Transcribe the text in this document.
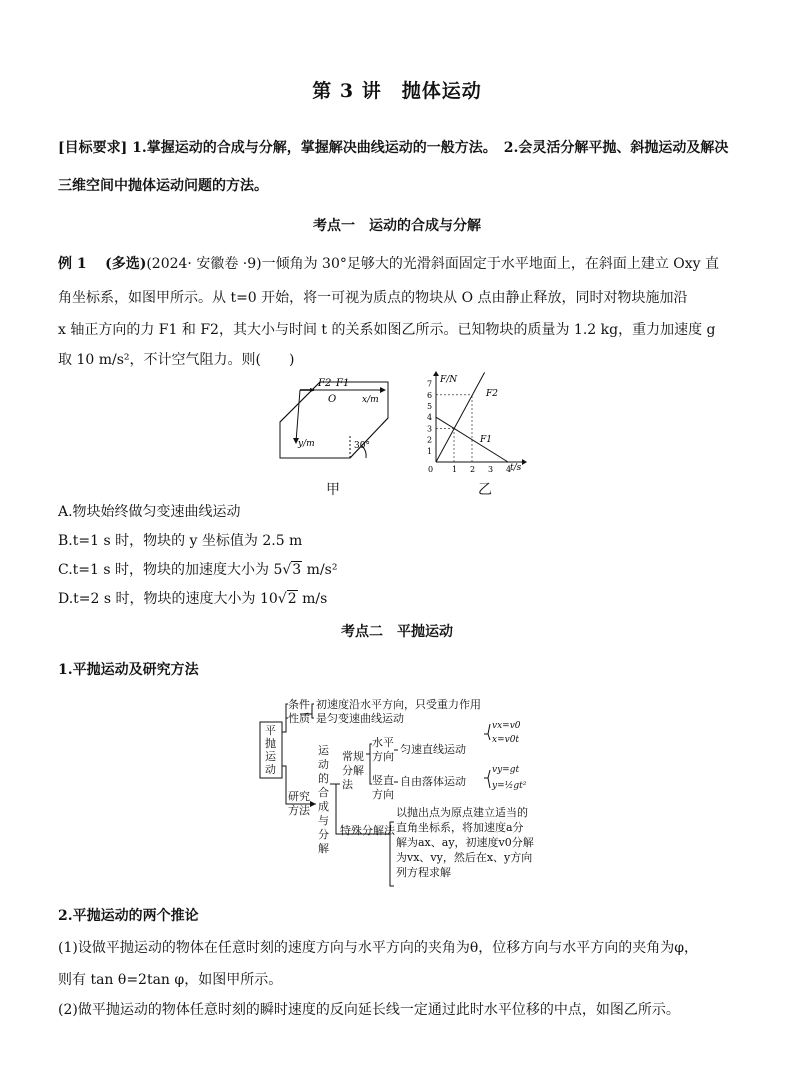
第 3 讲　抛体运动
[目标要求] 1.掌握运动的合成与分解，掌握解决曲线运动的一般方法。　2.会灵活分解平抛、斜抛运动及解决
三维空间中抛体运动问题的方法。
考点一　运动的合成与分解
例 1 (多选)(2024· 安徽卷 ·9)一倾角为 30°足够大的光滑斜面固定于水平地面上，在斜面上建立 Oxy 直
角坐标系，如图甲所示。从 t=0 开始，将一可视为质点的物块从 O 点由静止释放，同时对物块施加沿
x 轴正方向的力 F1 和 F2，其大小与时间 t 的关系如图乙所示。已知物块的质量为 1.2 kg，重力加速度 g
取 10 m/s²，不计空气阻力。则(　　)
F2 F1
O	x/m
y/m	30°
甲
1
2
3
4
5
6
7
0 1 2 3 4
F/N
t/s
F2
F1
乙
A.物块始终做匀变速曲线运动
B.t=1 s 时，物块的 y 坐标值为 2.5 m
C.t=1 s 时，物块的加速度大小为 5√3 m/s²
D.t=2 s 时，物块的速度大小为 10√2 m/s
考点二　平抛运动
1.平抛运动及研究方法
平抛运动
条件
性质
初速度沿水平方向，只受重力作用
是匀变速曲线运动
研究方法
运动的合成与分解
常规分解法
水平方向
竖直方向
匀速直线运动
自由落体运动
vx=v0
x=v0t
vy=gt
y=½gt²
特殊分解法
以抛出点为原点建立适当的
直角坐标系，将加速度a分
解为ax、ay，初速度v0分解
为vx、vy，然后在x、y方向
列方程求解
2.平抛运动的两个推论
(1)设做平抛运动的物体在任意时刻的速度方向与水平方向的夹角为θ，位移方向与水平方向的夹角为φ，
则有 tan θ=2tan φ，如图甲所示。
(2)做平抛运动的物体任意时刻的瞬时速度的反向延长线一定通过此时水平位移的中点，如图乙所示。
